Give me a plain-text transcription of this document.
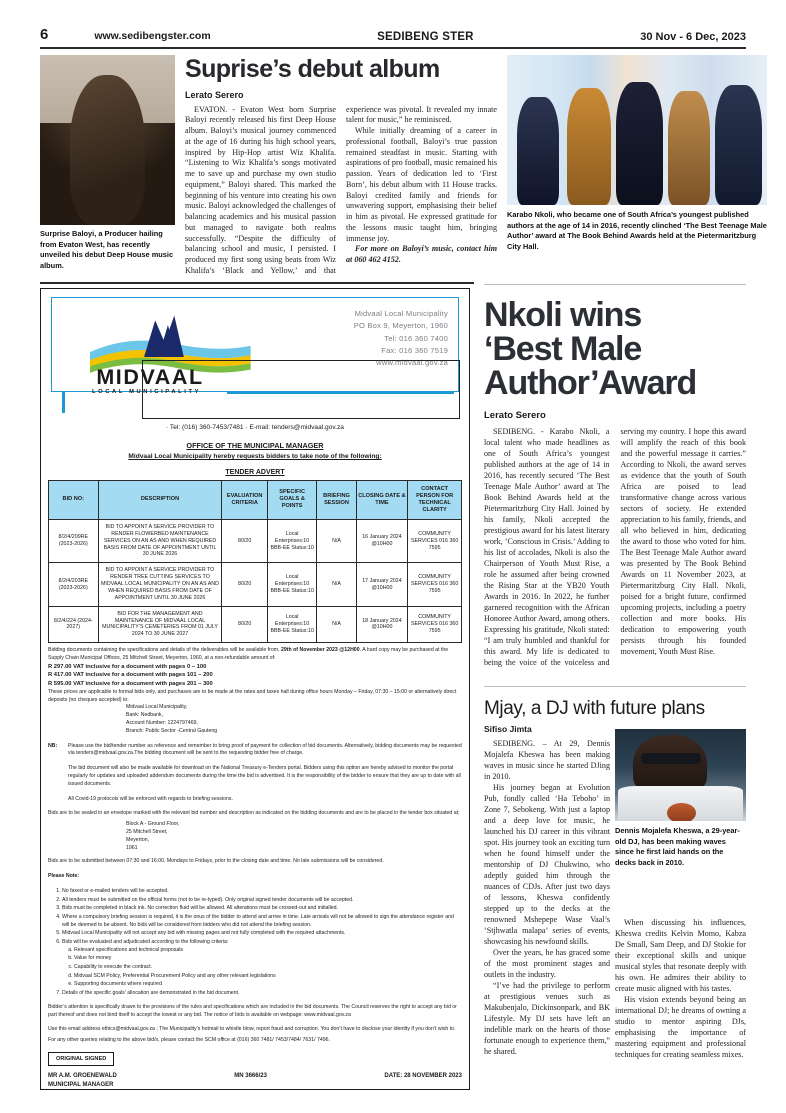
6	www.sedibengster.com	SEDIBENG STER	30 Nov - 6 Dec, 2023
Surprise Baloyi, a Producer hailing from Evaton West, has recently unveiled his debut Deep House music album.
Suprise’s debut album
Lerato Serero

EVATON. - Evaton West born Surprise Baloyi recently released his first Deep House album. Baloyi’s musical journey commenced at the age of 16 during his high school years, inspired by Hip-Hop artist Wiz Khalifa. “Listening to Wiz Khalifa’s songs motivated me to save up and purchase my own studio equipment,” Baloyi shared. This marked the beginning of his venture into creating his own music. Baloyi acknowledged the challenges of balancing academics and his musical passion but managed to navigate both realms successfully. “Despite the difficulty of balancing school and music, I persisted. I produced my first song using beats from Wiz Khalifa’s ‘Black and Yellow,’ and that experience was pivotal. It revealed my innate talent for music,” he reminisced.

While initially dreaming of a career in professional football, Baloyi’s true passion remained steadfast in music. Starting with aspirations of pro football, music remained his passion. Years of dedication led to ‘First Born’, his debut album with 11 House tracks. Baloyi credited family and friends for unwavering support, emphasising their belief in him as pivotal. He expressed gratitude for the lessons music taught him, bringing immense joy.

For more on Baloyi’s music, contact him at 060 462 4152.

Karabo Nkoli, who became one of South Africa’s youngest published authors at the age of 14 in 2016, recently clinched ‘The Best Teenage Male Author’ award at The Book Behind Awards held at the Pietermaritzburg City Hall.
Nkoli wins
‘Best Male
Author’Award
Lerato Serero

SEDIBENG. - Karabo Nkoli, a local talent who made headlines as one of South Africa’s youngest published authors at the age of 14 in 2016, has recently secured ‘The Best Teenage Male Author’ award at The Book Behind Awards held at the Pietermaritzburg City Hall. Joined by his family, Nkoli accepted the prestigious award for his latest literary work, ‘Conscious in Crisis.’ Adding to his list of accolades, Nkoli is also the Chairperson of Youth Must Rise, a role he assumed after being crowned the Rising Star at the YB20 Youth Awards in 2016. In 2022, he further garnered recognition with the African Honoree Author Award, among others. Expressing his gratitude, Nkoli stated: “I am truly humbled and thankful for this award. My life is dedicated to being the voice of the voiceless and serving my country. I hope this award will amplify the reach of this book and the powerful message it carries.” According to Nkoli, the award serves as evidence that the youth of South Africa are poised to lead transformative change across various sectors of society. He extended appreciation to his family, friends, and all who believed in him, dedicating the award to those who voted for him. The Best Teenage Male Author award was presented by The Book Behind Awards on 11 November 2023, at Pietermaritzburg City Hall. Nkoli, poised for a bright future, confirmed upcoming projects, including a poetry collection and more books. His dedication to empowering youth persists through his founded movement, Youth Must Rise.

Mjay, a DJ with future plans
Sifiso Jimta
Dennis Mojalefa Kheswa, a 29-year-old DJ, has been making waves since he first laid hands on the decks back in 2010.

SEDIBENG. – At 29, Dennis Mojalefa Kheswa has been making waves in music since he started DJing in 2010.

His journey began at Evolution Pub, fondly called ‘Ha Teboho’ in Zone 7, Sebokeng. With just a laptop and a deep love for music, he launched his DJ career in this vibrant spot. His journey took an exciting turn when he found himself under the mentorship of DJ Chukwino, who adeptly guided him through the nuances of CDJs. After just two days of lessons, Kheswa confidently stepped up to the decks at the renowned Mshepepe Wase Vaal’s ‘Stjhwatla malapa’ series of events, showcasing his newfound skills.

Over the years, he has graced some of the most prominent stages and outlets in the industry.

“I’ve had the privilege to perform at prestigious venues such as Makubenjalo, Dickinsonpark, and BK Lifestyle. My DJ sets have left an indelible mark on the hearts of those fortunate enough to experience them,” he shared.

When discussing his influences, Kheswa credits Kelvin Momo, Kabza De Small, Sam Deep, and DJ Stokie for their exceptional skills and unique musical styles that resonate deeply with his own. He admires their ability to create music aligned with his tastes.

His vision extends beyond being an international DJ; he dreams of owning a studio to mentor aspiring DJs, emphasising the importance of mastering equipment and professional techniques for creating seamless mixes.

MIDVAAL
LOCAL MUNICIPALITY
Midvaal Local Municipality
PO Box 9, Meyerton, 1960
Tel: 016 360 7400
Fax: 016 360 7519
www.midvaal.gov.za
· Tel: (016) 360-7453/7481 · E-mail: tenders@midvaal.gov.za
OFFICE OF THE MUNICIPAL MANAGER
Midvaal Local Municipality hereby requests bidders to take note of the following:
TENDER ADVERT
BID NO:	DESCRIPTION	EVALUATION CRITERIA	SPECIFIC GOALS & POINTS	BRIEFING SESSION	CLOSING DATE & TIME	CONTACT PERSON FOR TECHNICAL CLARITY
8/2/4/209RE (2023-2026)	BID TO APPOINT A SERVICE PROVIDER TO RENDER FLOWERBED MAINTENANCE SERVICES ON AN AS AND WHEN REQUIRED BASIS FROM DATE OF APPOINTMENT UNTIL 30 JUNE 2026	80/20	Local Enterprises:10 BBB-EE Status:10	N/A	16 January 2024 @10H00	COMMUNITY SERVICES 016 360 7595
8/2/4/203RE (2023-2026)	BID TO APPOINT A SERVICE PROVIDER TO RENDER TREE CUTTING SERVICES TO MIDVAAL LOCAL MUNICIPALITY ON AN AS AND WHEN REQUIRED BASIS FROM DATE OF APPOINTMENT UNTIL 30 JUNE 2026	80/20	Local Enterprises:10 BBB-EE Status:10	N/A	17 January 2024 @10H00	COMMUNITY SERVICES 016 360 7595
8/2/4/224 (2024-2027)	BID FOR THE MANAGEMENT AND MAINTENANCE OF MIDVAAL LOCAL MUNICIPALITY’S CEMETERIES FROM 01 JULY 2024 TO 30 JUNE 2027	80/20	Local Enterprises:10 BBB-EE Status:10	N/A	18 January 2024 @10H00	COMMUNITY SERVICES 016 360 7595
Bidding documents containing the specifications and details of the deliverables will be available from, 29th of November 2023 @12H00. A hard copy may be purchased at the Supply Chain Municipal Offices, 25 Mitchell Street, Meyerton, 1960, at a non-refundable amount of:
R 297.00 VAT inclusive for a document with pages 0 – 100
R 417.00 VAT inclusive for a document with pages 101 – 200
R 595.00 VAT inclusive for a document with pages 201 – 300
These prices are applicable to formal bids only, and purchases are to be made at the rates and taxes hall during office hours Monday – Friday, 07:30 – 15:00 or alternatively direct deposits (no cheques accepted) to:
Midvaal Local Municipality,
Bank: Nedbank,
Account Number: 1224797469,
Branch: Public Sector -Central Gauteng
NB:	Please use the bid/tender number as reference and remember to bring proof of payment for collection of bid documents. Alternatively, bidding documents may be requested via tenders@midvaal.gov.za.The bidding document will be sent to the requesting bidder free of charge.
The bid document will also be made available for download on the National Treasury e-Tenders portal. Bidders using this option are hereby advised to monitor the portal regularly for updates and uploaded addendum documents during the time the bid is advertised. It is the responsibility of the bidder to ensure that they are up to date with all issued documents.
All Covid-19 protocols will be enforced with regards to briefing sessions.
Bids are to be sealed in an envelope marked with the relevant bid number and description as indicated on the bidding documents and are to be placed in the tender box situated at;
Block A - Ground Floor,
25 Mitchell Street,
Meyerton,
1961
Bids are to be submitted between 07:30 and 16:00, Mondays to Fridays, prior to the closing date and time. No late submissions will be considered.
Please Note:
1. No faxed or e-mailed tenders will be accepted.
2. All tenders must be submitted on the official forms (not to be re-typed). Only original signed tender documents will be accepted.
3. Bids must be completed in black ink. No correction fluid will be allowed. All alterations must be crossed-out and initialled.
4. Where a compulsory briefing session is required, it is the onus of the bidder to attend and arrive in time. Late arrivals will not be allowed to sign the attendance register and will be deemed to be absent. No bids will be considered from bidders who did not attend the briefing session.
5. Midvaal Local Municipality will not accept any bid with missing pages and not fully completed with the required attachments.
6. Bids will be evaluated and adjudicated according to the following criteria:
a. Relevant specifications and technical proposals
b. Value for money
c. Capability to execute the contract.
d. Midvaal SCM Policy, Preferential Procurement Policy and any other relevant legislations
e. Supporting documents where required
7. Details of the specific goals’ allocation are demonstrated in the bid document.
Bidder’s attention is specifically drawn to the provisions of the rules and specifications which are included in the bid documents. The Council reserves the right to accept any bid or part thereof and does not bind itself to accept the lowest or any bid. The notice of bids is available on webpage: www.midvaal.gov.za
Use this email address ethics@midvaal.gov.za ; The Municipality’s hotmail to whistle blow, report fraud and corruption. You don’t have to disclose your identity if you don’t wish to.
For any other queries relating to the above bid/s, please contact the SCM office at (016) 360 7481/ 7453/7484/ 7631/ 7496.
ORIGINAL SIGNED
MR A.M. GROENEWALD
MUNICIPAL MANAGER
MN 3666/23	DATE: 28 NOVEMBER 2023
